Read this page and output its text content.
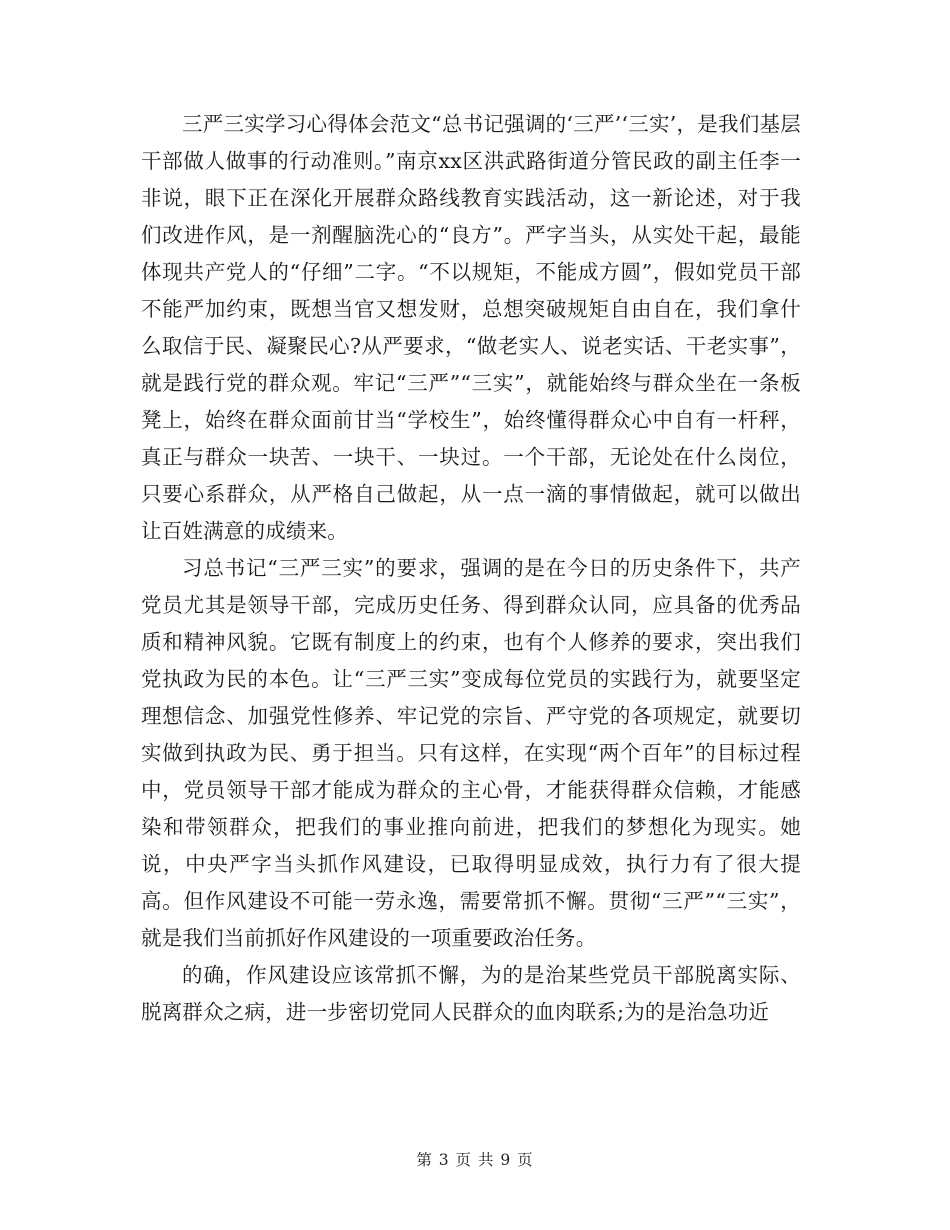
三严三实学习心得体会范文“总书记强调的‘三严’‘三实’，是我们基层干部做人做事的行动准则。”南京xx区洪武路街道分管民政的副主任李一非说，眼下正在深化开展群众路线教育实践活动，这一新论述，对于我们改进作风，是一剂醒脑洗心的“良方”。严字当头，从实处干起，最能体现共产党人的“仔细”二字。“不以规矩，不能成方圆”，假如党员干部不能严加约束，既想当官又想发财，总想突破规矩自由自在，我们拿什么取信于民、凝聚民心?从严要求，“做老实人、说老实话、干老实事”，就是践行党的群众观。牢记“三严”“三实”，就能始终与群众坐在一条板凳上，始终在群众面前甘当“学校生”，始终懂得群众心中自有一杆秤，真正与群众一块苦、一块干、一块过。一个干部，无论处在什么岗位，只要心系群众，从严格自己做起，从一点一滴的事情做起，就可以做出让百姓满意的成绩来。

习总书记“三严三实”的要求，强调的是在今日的历史条件下，共产党员尤其是领导干部，完成历史任务、得到群众认同，应具备的优秀品质和精神风貌。它既有制度上的约束，也有个人修养的要求，突出我们党执政为民的本色。让“三严三实”变成每位党员的实践行为，就要坚定理想信念、加强党性修养、牢记党的宗旨、严守党的各项规定，就要切实做到执政为民、勇于担当。只有这样，在实现“两个百年”的目标过程中，党员领导干部才能成为群众的主心骨，才能获得群众信赖，才能感染和带领群众，把我们的事业推向前进，把我们的梦想化为现实。她说，中央严字当头抓作风建设，已取得明显成效，执行力有了很大提高。但作风建设不可能一劳永逸，需要常抓不懈。贯彻“三严”“三实”，就是我们当前抓好作风建设的一项重要政治任务。

的确，作风建设应该常抓不懈，为的是治某些党员干部脱离实际、脱离群众之病，进一步密切党同人民群众的血肉联系;为的是治急功近

第 3 页 共 9 页
